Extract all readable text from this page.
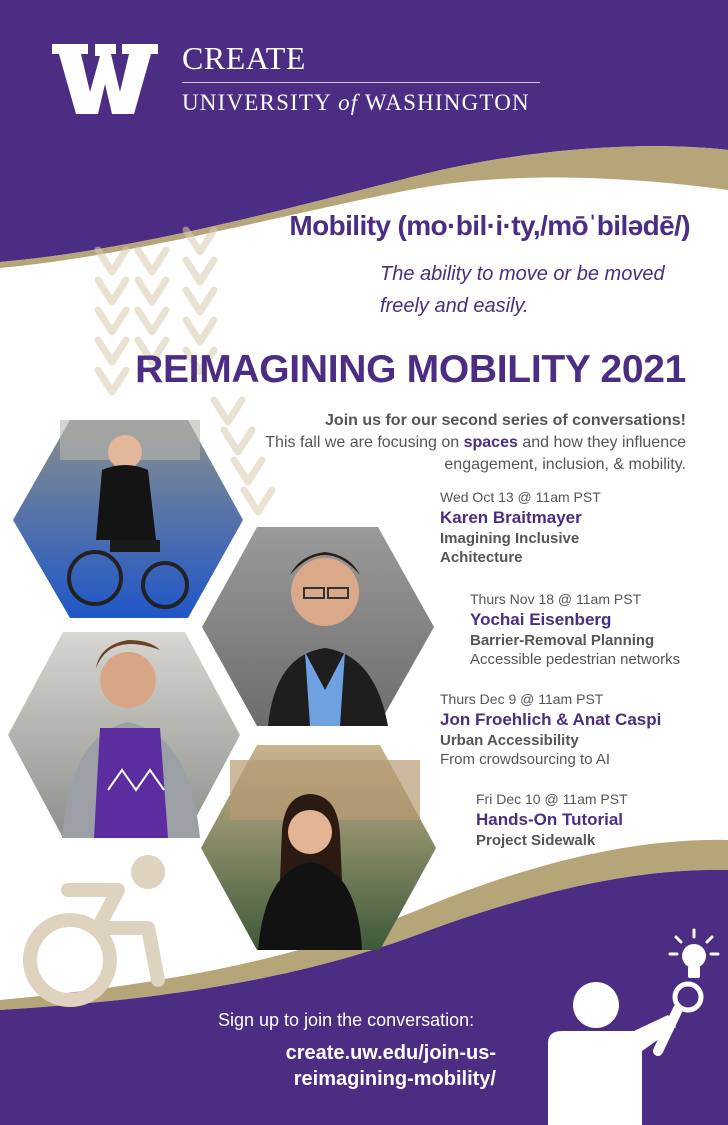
CREATE
UNIVERSITY of WASHINGTON
Mobility (mo·bil·i·ty,/mōˈbilədē/)
The ability to move or be moved freely and easily.
REIMAGINING MOBILITY 2021
Join us for our second series of conversations!
This fall we are focusing on spaces and how they influence engagement, inclusion, & mobility.
Wed Oct 13 @ 11am PST
Karen Braitmayer
Imagining Inclusive
Achitecture
Thurs Nov 18 @ 11am PST
Yochai Eisenberg
Barrier-Removal Planning
Accessible pedestrian networks
Thurs Dec 9 @ 11am PST
Jon Froehlich & Anat Caspi
Urban Accessibility
From crowdsourcing to AI
Fri Dec 10 @ 11am PST
Hands-On Tutorial
Project Sidewalk
Sign up to join the conversation:
create.uw.edu/join-us-
reimagining-mobility/
